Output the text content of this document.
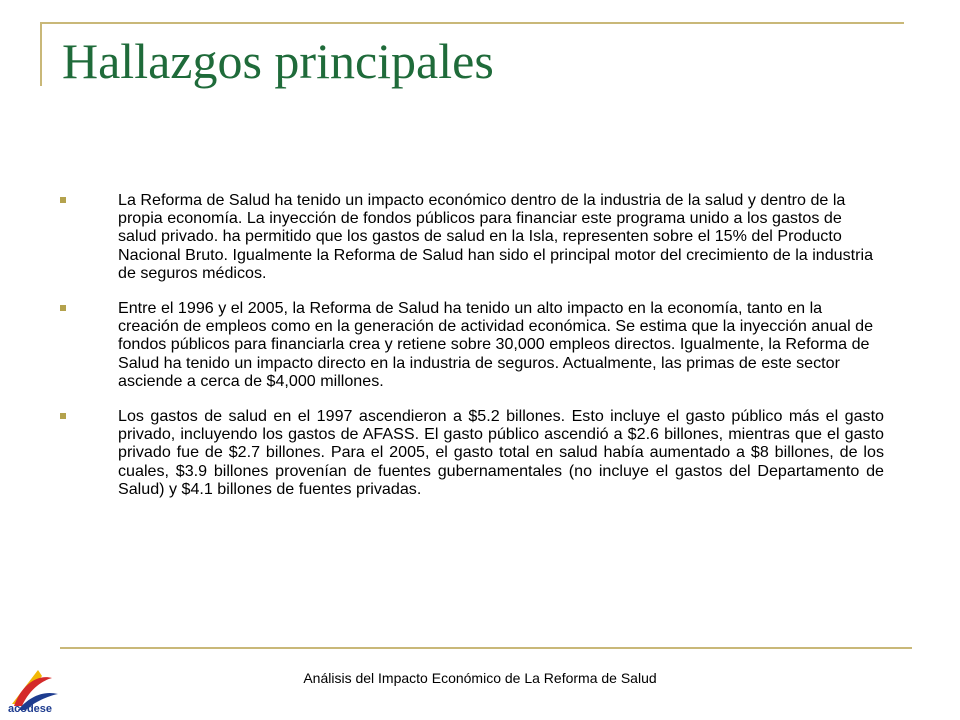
Hallazgos principales
La Reforma de Salud ha tenido un impacto económico dentro de la industria de la salud y dentro de la propia economía. La inyección de fondos públicos para financiar este programa unido a los gastos de salud privado. ha permitido que los gastos de salud en la Isla, representen sobre el 15% del Producto Nacional Bruto. Igualmente la Reforma de Salud han sido el principal motor del crecimiento de la industria de seguros médicos.
Entre el 1996 y el 2005, la Reforma de Salud ha tenido un alto impacto en la economía, tanto en la creación de empleos como en la generación de actividad económica. Se estima que la inyección anual de fondos públicos para financiarla crea y retiene sobre 30,000 empleos directos. Igualmente, la Reforma de Salud ha tenido un impacto directo en la industria de seguros. Actualmente, las primas de este sector asciende a cerca de $4,000 millones.
Los gastos de salud en el 1997 ascendieron a $5.2 billones. Esto incluye el gasto público más el gasto privado, incluyendo los gastos de AFASS. El gasto público ascendió a $2.6 billones, mientras que el gasto privado fue de $2.7 billones. Para el 2005, el gasto total en salud había aumentado a $8 billones, de los cuales, $3.9 billones provenían de fuentes gubernamentales (no incluye el gastos del Departamento de Salud) y $4.1 billones de fuentes privadas.
Análisis del Impacto Económico de La Reforma de Salud
acodese
